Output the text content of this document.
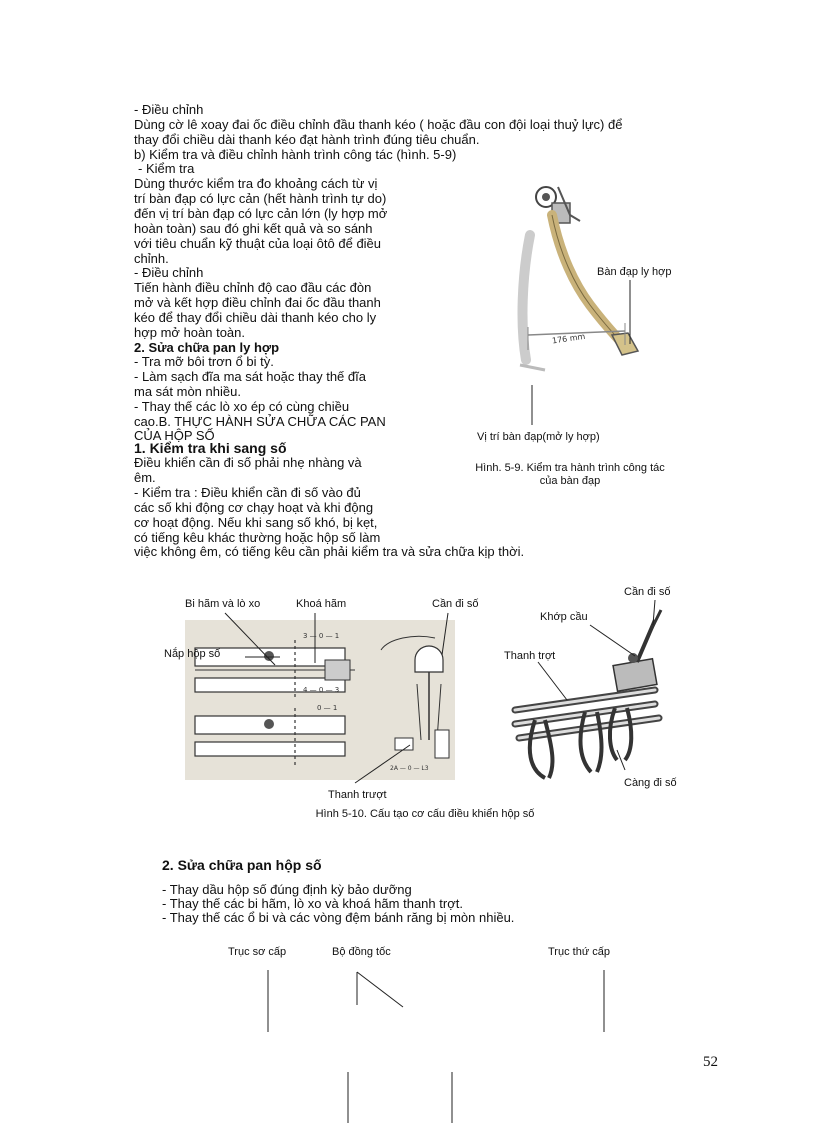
- Điều chỉnh
Dùng cờ lê xoay đai ốc điều chỉnh đầu thanh kéo ( hoặc đầu con đội loại thuỷ lực) để
thay đổi chiều dài thanh kéo đạt hành trình đúng tiêu chuẩn.
b) Kiểm tra và điều chỉnh hành trình công tác (hình. 5-9)
- Kiểm tra
Dùng thước kiểm tra đo khoảng cách từ vị
trí bàn đạp có lực cản (hết hành trình tự do)
đến vị trí bàn đạp có lực cản lớn (ly hợp mở
hoàn toàn) sau đó ghi kết quả và so sánh
với tiêu chuẩn kỹ thuật của loại ôtô để điều
chỉnh.
- Điều chỉnh
Tiến hành điều chỉnh độ cao đầu các đòn
mở và kết hợp điều chỉnh đai ốc đầu thanh
kéo để thay đổi chiều dài thanh kéo cho ly
hợp mở hoàn toàn.
2. Sửa chữa pan ly hợp
- Tra mỡ bôi trơn ổ bi tỳ.
- Làm sạch đĩa ma sát hoặc thay thế đĩa
ma sát mòn nhiều.
- Thay thế các lò xo ép có cùng chiều
cao.B. THỰC HÀNH SỬA CHỮA CÁC PAN
CỦA HỘP SỐ
1. Kiểm tra khi sang số
Điều khiển cần đi số phải nhẹ nhàng và
êm.
- Kiểm tra : Điều khiển cần đi số vào đủ
các số khi động cơ chạy hoạt và khi động
cơ hoạt động. Nếu khi sang số khó, bị kẹt,
có tiếng kêu khác thường hoặc hộp số làm
việc không êm, có tiếng kêu cần phải kiểm tra và sửa chữa kịp thời.
176 mm
Bàn đạp ly hợp
Vị trí bàn đạp(mở ly hợp)
Hình. 5-9. Kiểm tra hành trình công tác
của bàn đạp
3 — 0 — 1
4 — 0 — 3
0 — 1
2A — 0 — L3
Bi hãm và lò xo	Khoá hãm	Cần đi số
Nắp hộp số
Thanh trượt
Cần đi số
Khớp cầu
Thanh trợt
Càng đi số
Hình 5-10. Cấu tạo cơ cấu điều khiển hộp số
2. Sửa chữa pan hộp số
- Thay dầu hộp số đúng định kỳ bảo dưỡng
- Thay thế các bi hãm, lò xo và khoá hãm thanh trợt.
- Thay thế các ổ bi và các vòng đệm bánh răng bị mòn nhiều.
Trục sơ cấp	Bộ đồng tốc	Trục thứ cấp
52
